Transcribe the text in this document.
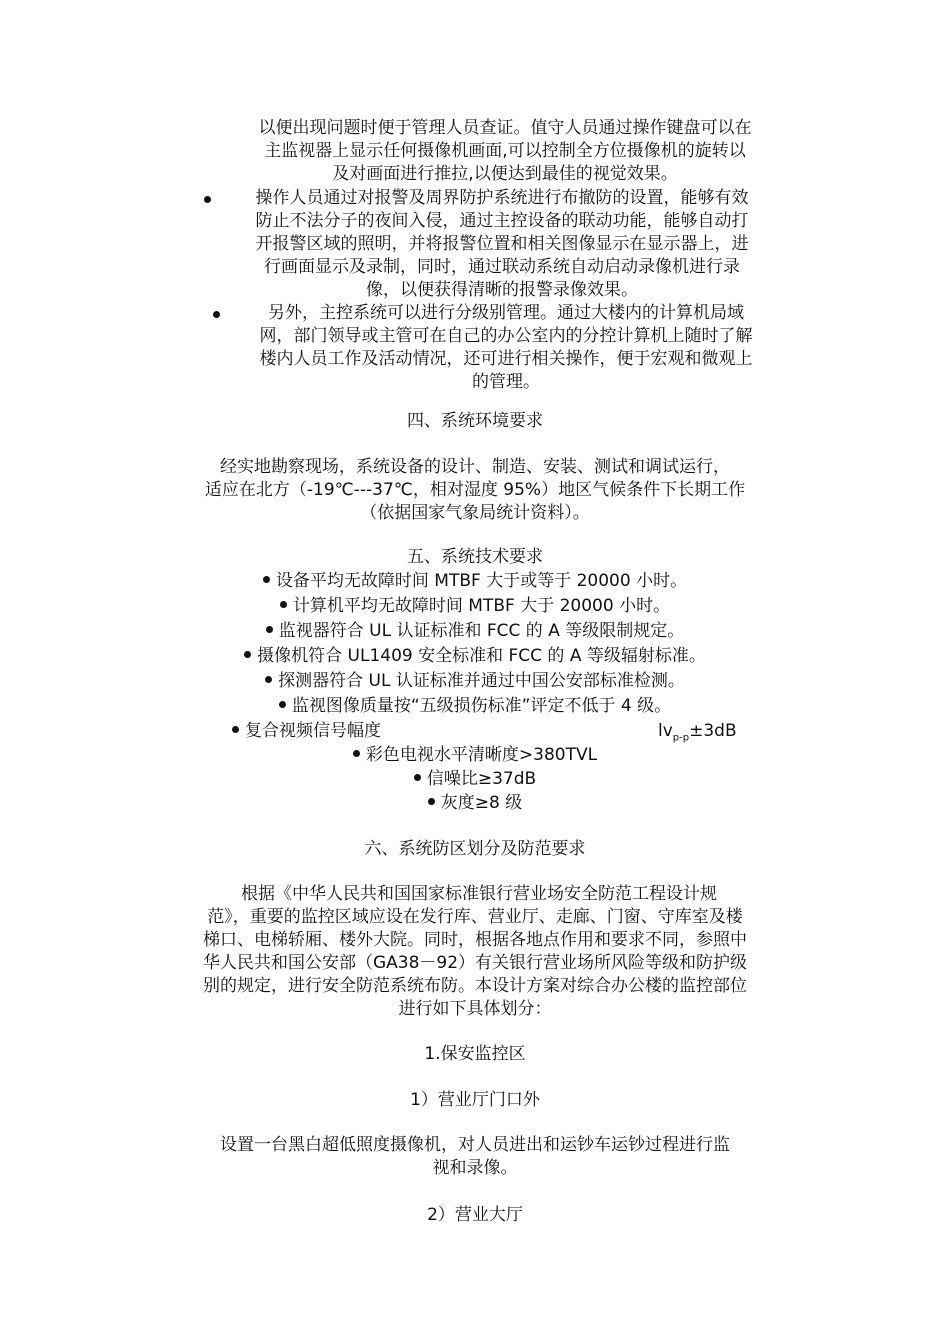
以便出现问题时便于管理人员查证。值守人员通过操作键盘可以在
主监视器上显示任何摄像机画面,可以控制全方位摄像机的旋转以
及对画面进行推拉,以便达到最佳的视觉效果。
操作人员通过对报警及周界防护系统进行布撤防的设置，能够有效
防止不法分子的夜间入侵，通过主控设备的联动功能，能够自动打
开报警区域的照明，并将报警位置和相关图像显示在显示器上，进
行画面显示及录制，同时，通过联动系统自动启动录像机进行录
像，以便获得清晰的报警录像效果。
另外，主控系统可以进行分级别管理。通过大楼内的计算机局域
网，部门领导或主管可在自己的办公室内的分控计算机上随时了解
楼内人员工作及活动情况，还可进行相关操作，便于宏观和微观上
的管理。
四、系统环境要求
经实地勘察现场，系统设备的设计、制造、安装、测试和调试运行，
适应在北方（-19℃---37℃，相对湿度 95%）地区气候条件下长期工作
（依据国家气象局统计资料）。
五、系统技术要求
设备平均无故障时间 MTBF 大于或等于 20000 小时。
计算机平均无故障时间 MTBF 大于 20000 小时。
监视器符合 UL 认证标准和 FCC 的 A 等级限制规定。
摄像机符合 UL1409 安全标准和 FCC 的 A 等级辐射标准。
探测器符合 UL 认证标准并通过中国公安部标准检测。
监视图像质量按“五级损伤标准”评定不低于 4 级。
复合视频信号幅度	$lv_{p-p}\pm 3dB$
彩色电视水平清晰度>380TVL
信噪比≥37dB
灰度≥8 级
六、系统防区划分及防范要求
根据《中华人民共和国国家标准银行营业场安全防范工程设计规
范》，重要的监控区域应设在发行库、营业厅、走廊、门窗、守库室及楼
梯口、电梯轿厢、楼外大院。同时，根据各地点作用和要求不同，参照中
华人民共和国公安部（GA38－92）有关银行营业场所风险等级和防护级
别的规定，进行安全防范系统布防。本设计方案对综合办公楼的监控部位
进行如下具体划分：
1.保安监控区
1）营业厅门口外
设置一台黑白超低照度摄像机，对人员进出和运钞车运钞过程进行监
视和录像。
2）营业大厅
